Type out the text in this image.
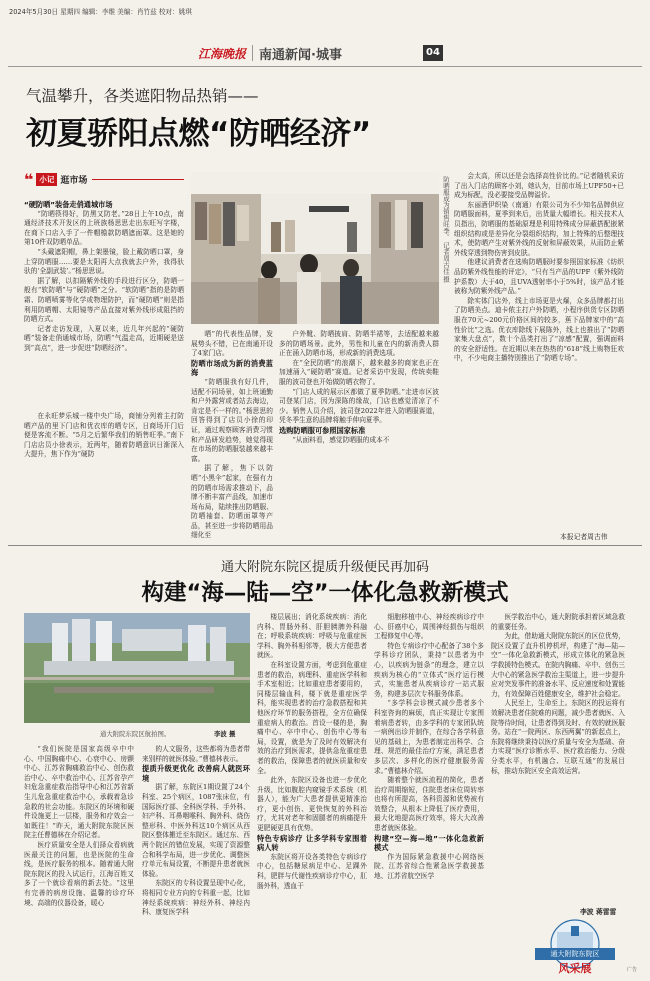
2024年5月30日 星期四 编辑：李维 美编：肖竹兹 校对：姚琪
江海晚报 南通新闻·城事	04
气温攀升，各类遮阳物品热销——
初夏骄阳点燃“防晒经济”
❝ 小记 逛市场	防晒服成为销售旺季。 记者周古佳 摄

“硬防晒”装备走俏通城市场

“防晒筷得好，防黑又防老。”28日上午10点，南通经济技术开发区的上班族杨思思走出东旺写字楼，在商下口店入手了一件帽檐款防晒遮面罩。这是她的第10件双防晒单品。

“头戴遮阳帽，鼻上架墨镜，脸上戴防晒口罩，身上穿防晒服……要是太阳再大点我就去户外，我得驮驮的‘全副武装’。”杨思思说。

据了解，以扣隔紫外线的手段进行区分，防晒一般有“软防晒”与“硬防晒”之分。“软防晒”指的是防晒霜、防晒喷雾等化学或物理防护，而“硬防晒”则是指利用防晒帽、太阳镜等产品直接对紫外线形成阻挡的防晒方式。

记者走访发现，入夏以来，近几年兴起的“硬防晒”装备走俏通城市场，防晒“气温走高，近期硬是送到“高点”，进一步促进“防晒经济”。

在永旺梦乐城一楼中央广场，商铺分列着主打防晒产品的里下门店和优衣库的晒专区，日商场开门后便是客流不断。“5月之后繁华我们的销售旺季。”南下门店店员小徐表示，近两年，随着防晒意识日渐深入大提升，焦下作为“硬防

晒”的代表性品牌，发展势头不错，已在南通开设了4家门店。

防晒市场成为新的消费蓝海

“防晒服我有好几件，适配不同场景，如上班通勤和户外露营或者站去海边，肯定是不一样的。”杨思思的回答得到了店员小徐的印证，通过观察顾客消费习惯和产品研发趋势，她觉得现在市场的防晒服装越来越丰富。

据了解，焦下以防晒“小黑伞”起家，在强有力的防晒市场需求推动下，品牌不断丰富产品线，加速市场布局，陆续推出防晒服、防晒袖套、防晒面罩等产品，甚至进一步将防晒用品细化至

户外靴、防晒披肩、防晒半裙等，去适配越来越多的防晒场景。此外，男性和儿童在内的新消费人群正在涌入防晒市场，形成新的消费选项。

在“全民防晒”的浪潮下，越来越多的商家也正在加速涌入“硬防晒”赛道。记者采访中发现，传统卖鞋服的波司登也开始做防晒衣物了。

“门店人成的展示区都做了夏季防晒。”走进市区波司登某门店，因为深陈的缘故，门店也感觉清凉了不少。销售人员介绍，波司登2022年进入防晒服赛道，凭冬季生意的品牌将触手伸向夏季。

选购防晒服可参照国家标准

“从面料看，感觉防晒服的成本不

会太高，所以还是会选择高性价比的。”记者随机采访了出入门店的顾客小刘，她认为，目前市场上UPF50+已成为标配，没必要接受品牌溢价。

东丽酒伊织染（南通）有限公司为不少知名品牌供应防晒服面料，夏季到来后，出货量大幅增长。相关技术人员指出，防晒服的基础原理是利用特殊成分屏蔽搭配嵌紧组织结构或是差异化分裂组织结构，加上特殊的后整理技术，使防晒产生对紫外线的反射和屏蔽效果，从而防止紫外线穿透到物伤害到皮肤。

他建议消费者在选购防晒服时要参照国家标准《纺织品防紫外线性能的评定》，“只有当产品的UPF（紫外线防护系数）大于40，且UVA透射率小于5%时，该产品才能被称为防紫外线产品。”

除实体门店外，线上市场更是火爆，众多品牌都打出了防晒美点。迪卡侬主打户外防晒，小程序供货专区防晒服在70元~200元价格区间的较多，蕉下品牌家中的“高性价比”之选。优衣库除线下展陈外，线上也推出了“防晒家集大盘点”，数十个品类打出了“凉感”配置，强调面料的安全舒适性。在近期以来在热热的“618”线上购物狂欢中，不少电商主播特别推出了“防晒专场”。

本报记者周古伟
通大附院东院区提质升级便民再加码
构建“海—陆—空”一体化急救新模式
通大附院东院区航拍图。	李波 摄

“我们医院是国家高级卒中中心、中国胸痛中心、心衰中心、房颤中心、江苏省胸痛救治中心、创伤救治中心、卒中救治中心、江苏省孕产妇危急重症救治指导中心和江苏省新生儿危急重症救治中心，承载着急诊急救的社会功能。东院区的环境和硬件设施更上一层楼，服务和疗效会一如既往！”昨天，通大附院东院区医院主任曹德林在介绍记者。

医疗质量安全是人们择众看病就医最关注的问题，也是医院的生命线，是医疗服务的根本。随着通大附院东院区的投入试运行，江海百姓又多了一个就诊看病的新去处。“这里有完善的病房设施、温馨的诊疗环境、高端的仪器设备，暖心

的人文服务，这些都将为患者带来别样的就医体验。”曹德林表示。

提质升级更优化 改善病人就医环境

据了解，东院区1期设置了24个科室、25个病区，1087张床位，有国际医疗部、全科医学科、手外科、妇产科、耳鼻咽喉科、胸外科、烧伤整形科、中医外科这10个病区从西院区整体搬迁至东院区。通过东、西两个院区的错位发展，实现了资源整合和科学布局，进一步优化、调整医疗单元布局设置，不断提升患者就医体验。

东院区的专科设置呈现中心化，将相同专业方向的专科重一起，比如神经系统疾病：神经外科、神经内科、康复医学科

楼层展出；消化系统疾病：消化内科、胃肠外科、肝胆胰脾外科融在；呼吸系统疾病：呼吸与危重症医学科、胸外科相邻等，极大方便患者就医。

在科室设置方面，考虑到危重症患者的救治，病理科、重症医学科和手术室相近；比如重症患者要用的，同楼层输血科，楼下就是重症医学科，能实现患者的治疗急救搭程和其他医疗环节的服务搭程，全方位确保重症病人的救治。首设一楼的是，胸痛中心、卒中中心、创伤中心等布局，设置，就是为了及时有效解决有效的治疗到医需求，提供急危重症患者的救治，保障患者的就医质量和安全。

此外，东院区设备也进一步优化升级，比如腹腔内窥镜手术系统（机器人），能为广大患者提供更精准治疗，更小创伤、更快恢复的外科治疗，尤其对老年和固腿者的病痛提升更肥硬更具有优势。

特色专病诊疗 让多学科专家围着病人转

东院区将开设各类特色专病诊疗中心，包括糖尿病足中心、足踝外科，肥胖与代谢性疾病诊疗中心，肛肠外科，透血干

细胞移植中心、神经疾病诊疗中心、肝癌中心，周围神经损伤与组织工程修复中心等。

特色专病诊疗中心配备了38个多学科诊疗团队，秉持“以患者为中心，以疾病为链条”的理念，建立以疾病为核心的“立体式”医疗运行模式，实施患者从疾病诊疗一站式服务，构建多层次专科服务体系。

“多学科会诊模式减少患者多个科室咨询的麻烦，真正实现让专家围着病患者转，由多学科的专家团队统一病例出诊并制作，在综合各学科意见的基础上，为患者制定出科学、合理、规范的最佳治疗方案，满足患者多层次、多样化的医疗健康服务需求。”曹德林介绍。

随着整个就医流程的简化，患者治疗周期缩短，住院患者床位周转率也将有所提高，各科资源和优势被有效整合，从根本上降低了医疗费用，最大化地提高医疗效率，将大大改善患者就医体验。

构建“空—海—地”一体化急救新模式

作为国际紧急救援中心网络医院、江苏省综合性紧急医学救援基地、江苏省航空医学

医学救治中心，通大附院承担着区域急救的重要任务。

为此，借助通大附院东院区的区位优势，院区设置了直升机停机坪，构建了“海—陆—空”一体化急救新模式，形成立体化的紧急医学救援特色模式。在院内胸痛、卒中、创伤三大中心的紧急医学救治主渠道上，进一步提升应对突发事件的准备水平、反应速度和处置能力，有效保障百姓健康安全，维护社会稳定。

人民至上，生命至上。东院区的投运将有效解决患者住院难的问题，减少患者就医、入院等待时间，让患者得到及时、有效的就医服务。站在“一院两区、东西两翼”的新起点上，东院将继续秉持以医疗质量与安全为基础、奋力实现“医疗诊断水平、医疗救治能力、分级分类水平，有机融合、互联互通”的发展目标，推动东院区安全高效运营。

李波 蒋雷雷
通大附院东院区
风采展	广告
